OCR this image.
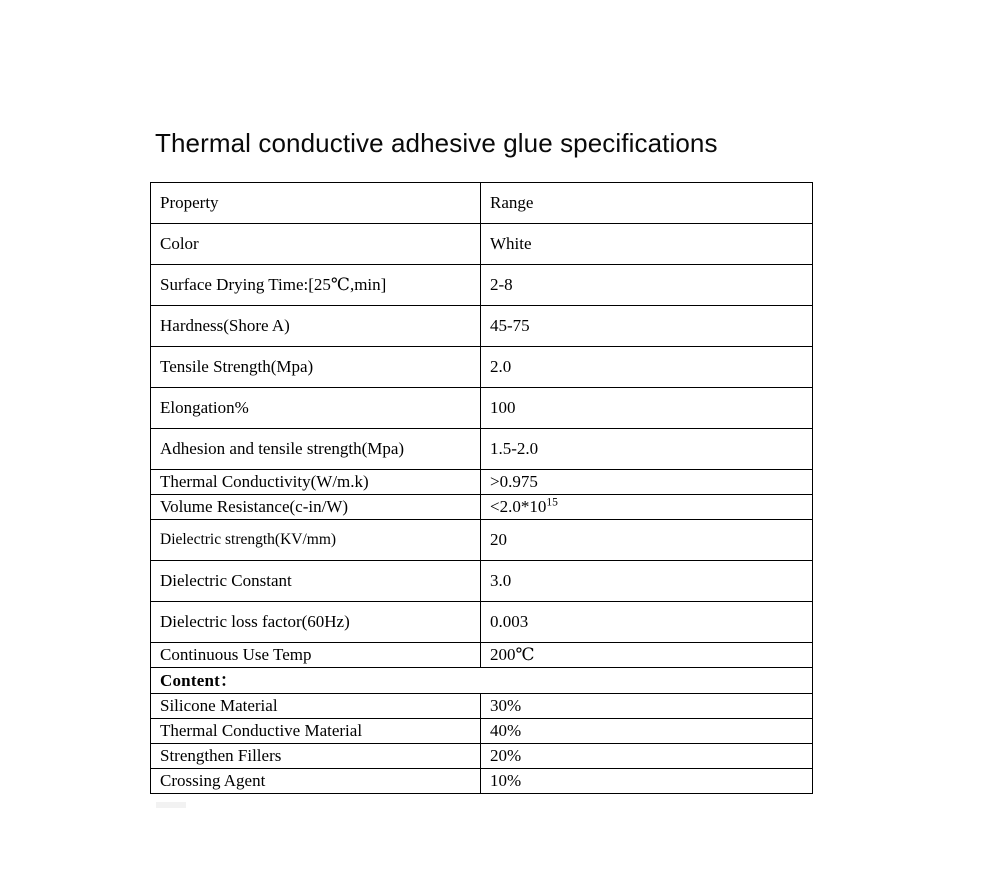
Thermal conductive adhesive glue specifications
Property	Range
Color	White
Surface Drying Time:[25℃,min]	2-8
Hardness(Shore A)	45-75
Tensile Strength(Mpa)	2.0
Elongation%	100
Adhesion and tensile strength(Mpa)	1.5-2.0
Thermal Conductivity(W/m.k)	>0.975
Volume Resistance(c-in/W)	$<2.0*10^{15}$
Dielectric strength(KV/mm)	20
Dielectric Constant	3.0
Dielectric loss factor(60Hz)	0.003
Continuous Use Temp	200℃
Content：	
Silicone Material	30%
Thermal Conductive Material	40%
Strengthen Fillers	20%
Crossing Agent	10%
